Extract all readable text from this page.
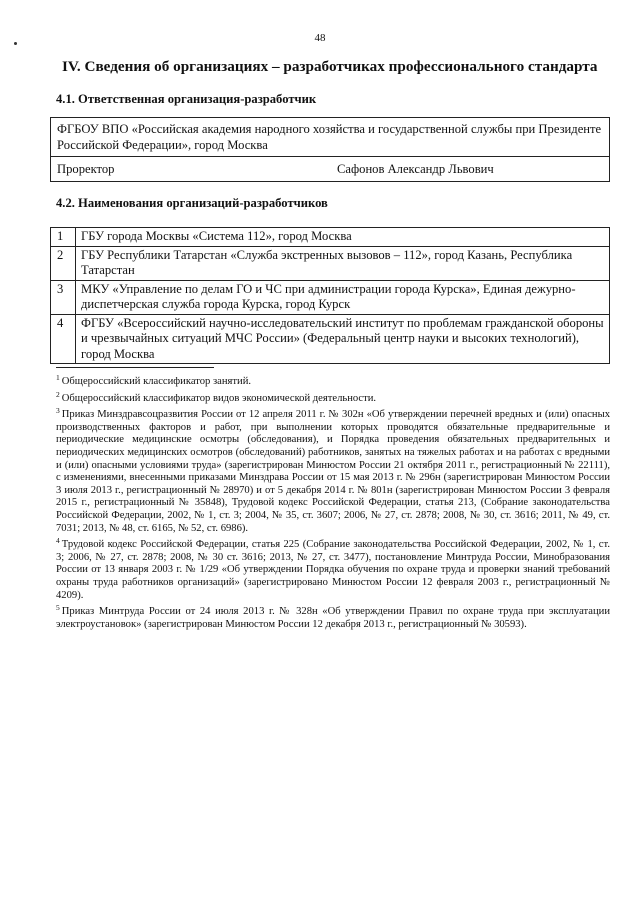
48
IV. Сведения об организациях – разработчиках профессионального стандарта
4.1. Ответственная организация-разработчик
ФГБОУ ВПО «Российская академия народного хозяйства и государственной службы при Президенте Российской Федерации», город Москва
Проректор	Сафонов Александр Львович
4.2. Наименования организаций-разработчиков
1	ГБУ города Москвы «Система 112», город Москва
2	ГБУ Республики Татарстан «Служба экстренных вызовов – 112», город Казань, Республика Татарстан
3	МКУ «Управление по делам ГО и ЧС при администрации города Курска», Единая дежурно-диспетчерская служба города Курска, город Курск
4	ФГБУ «Всероссийский научно-исследовательский институт по проблемам гражданской обороны и чрезвычайных ситуаций МЧС России» (Федеральный центр науки и высоких технологий), город Москва

$^1$ Общероссийский классификатор занятий.

$^2$ Общероссийский классификатор видов экономической деятельности.

$^3$ Приказ Минздравсоцразвития России от 12 апреля 2011 г. № 302н «Об утверждении перечней вредных и (или) опасных производственных факторов и работ, при выполнении которых проводятся обязательные предварительные и периодические медицинские осмотры (обследования), и Порядка проведения обязательных предварительных и периодических медицинских осмотров (обследований) работников, занятых на тяжелых работах и на работах с вредными и (или) опасными условиями труда» (зарегистрирован Минюстом России 21 октября 2011 г., регистрационный № 22111), с изменениями, внесенными приказами Минздрава России от 15 мая 2013 г. № 296н (зарегистрирован Минюстом России 3 июля 2013 г., регистрационный № 28970) и от 5 декабря 2014 г. № 801н (зарегистрирован Минюстом России 3 февраля 2015 г., регистрационный № 35848), Трудовой кодекс Российской Федерации, статья 213, (Собрание законодательства Российской Федерации, 2002, № 1, ст. 3; 2004, № 35, ст. 3607; 2006, № 27, ст. 2878; 2008, № 30, ст. 3616; 2011, № 49, ст. 7031; 2013, № 48, ст. 6165, № 52, ст. 6986).

$^4$ Трудовой кодекс Российской Федерации, статья 225 (Собрание законодательства Российской Федерации, 2002, № 1, ст. 3; 2006, № 27, ст. 2878; 2008, № 30 ст. 3616; 2013, № 27, ст. 3477), постановление Минтруда России, Минобразования России от 13 января 2003 г. № 1/29 «Об утверждении Порядка обучения по охране труда и проверки знаний требований охраны труда работников организаций» (зарегистрировано Минюстом России 12 февраля 2003 г., регистрационный № 4209).

$^5$ Приказ Минтруда России от 24 июля 2013 г. № 328н «Об утверждении Правил по охране труда при эксплуатации электроустановок» (зарегистрирован Минюстом России 12 декабря 2013 г., регистрационный № 30593).
